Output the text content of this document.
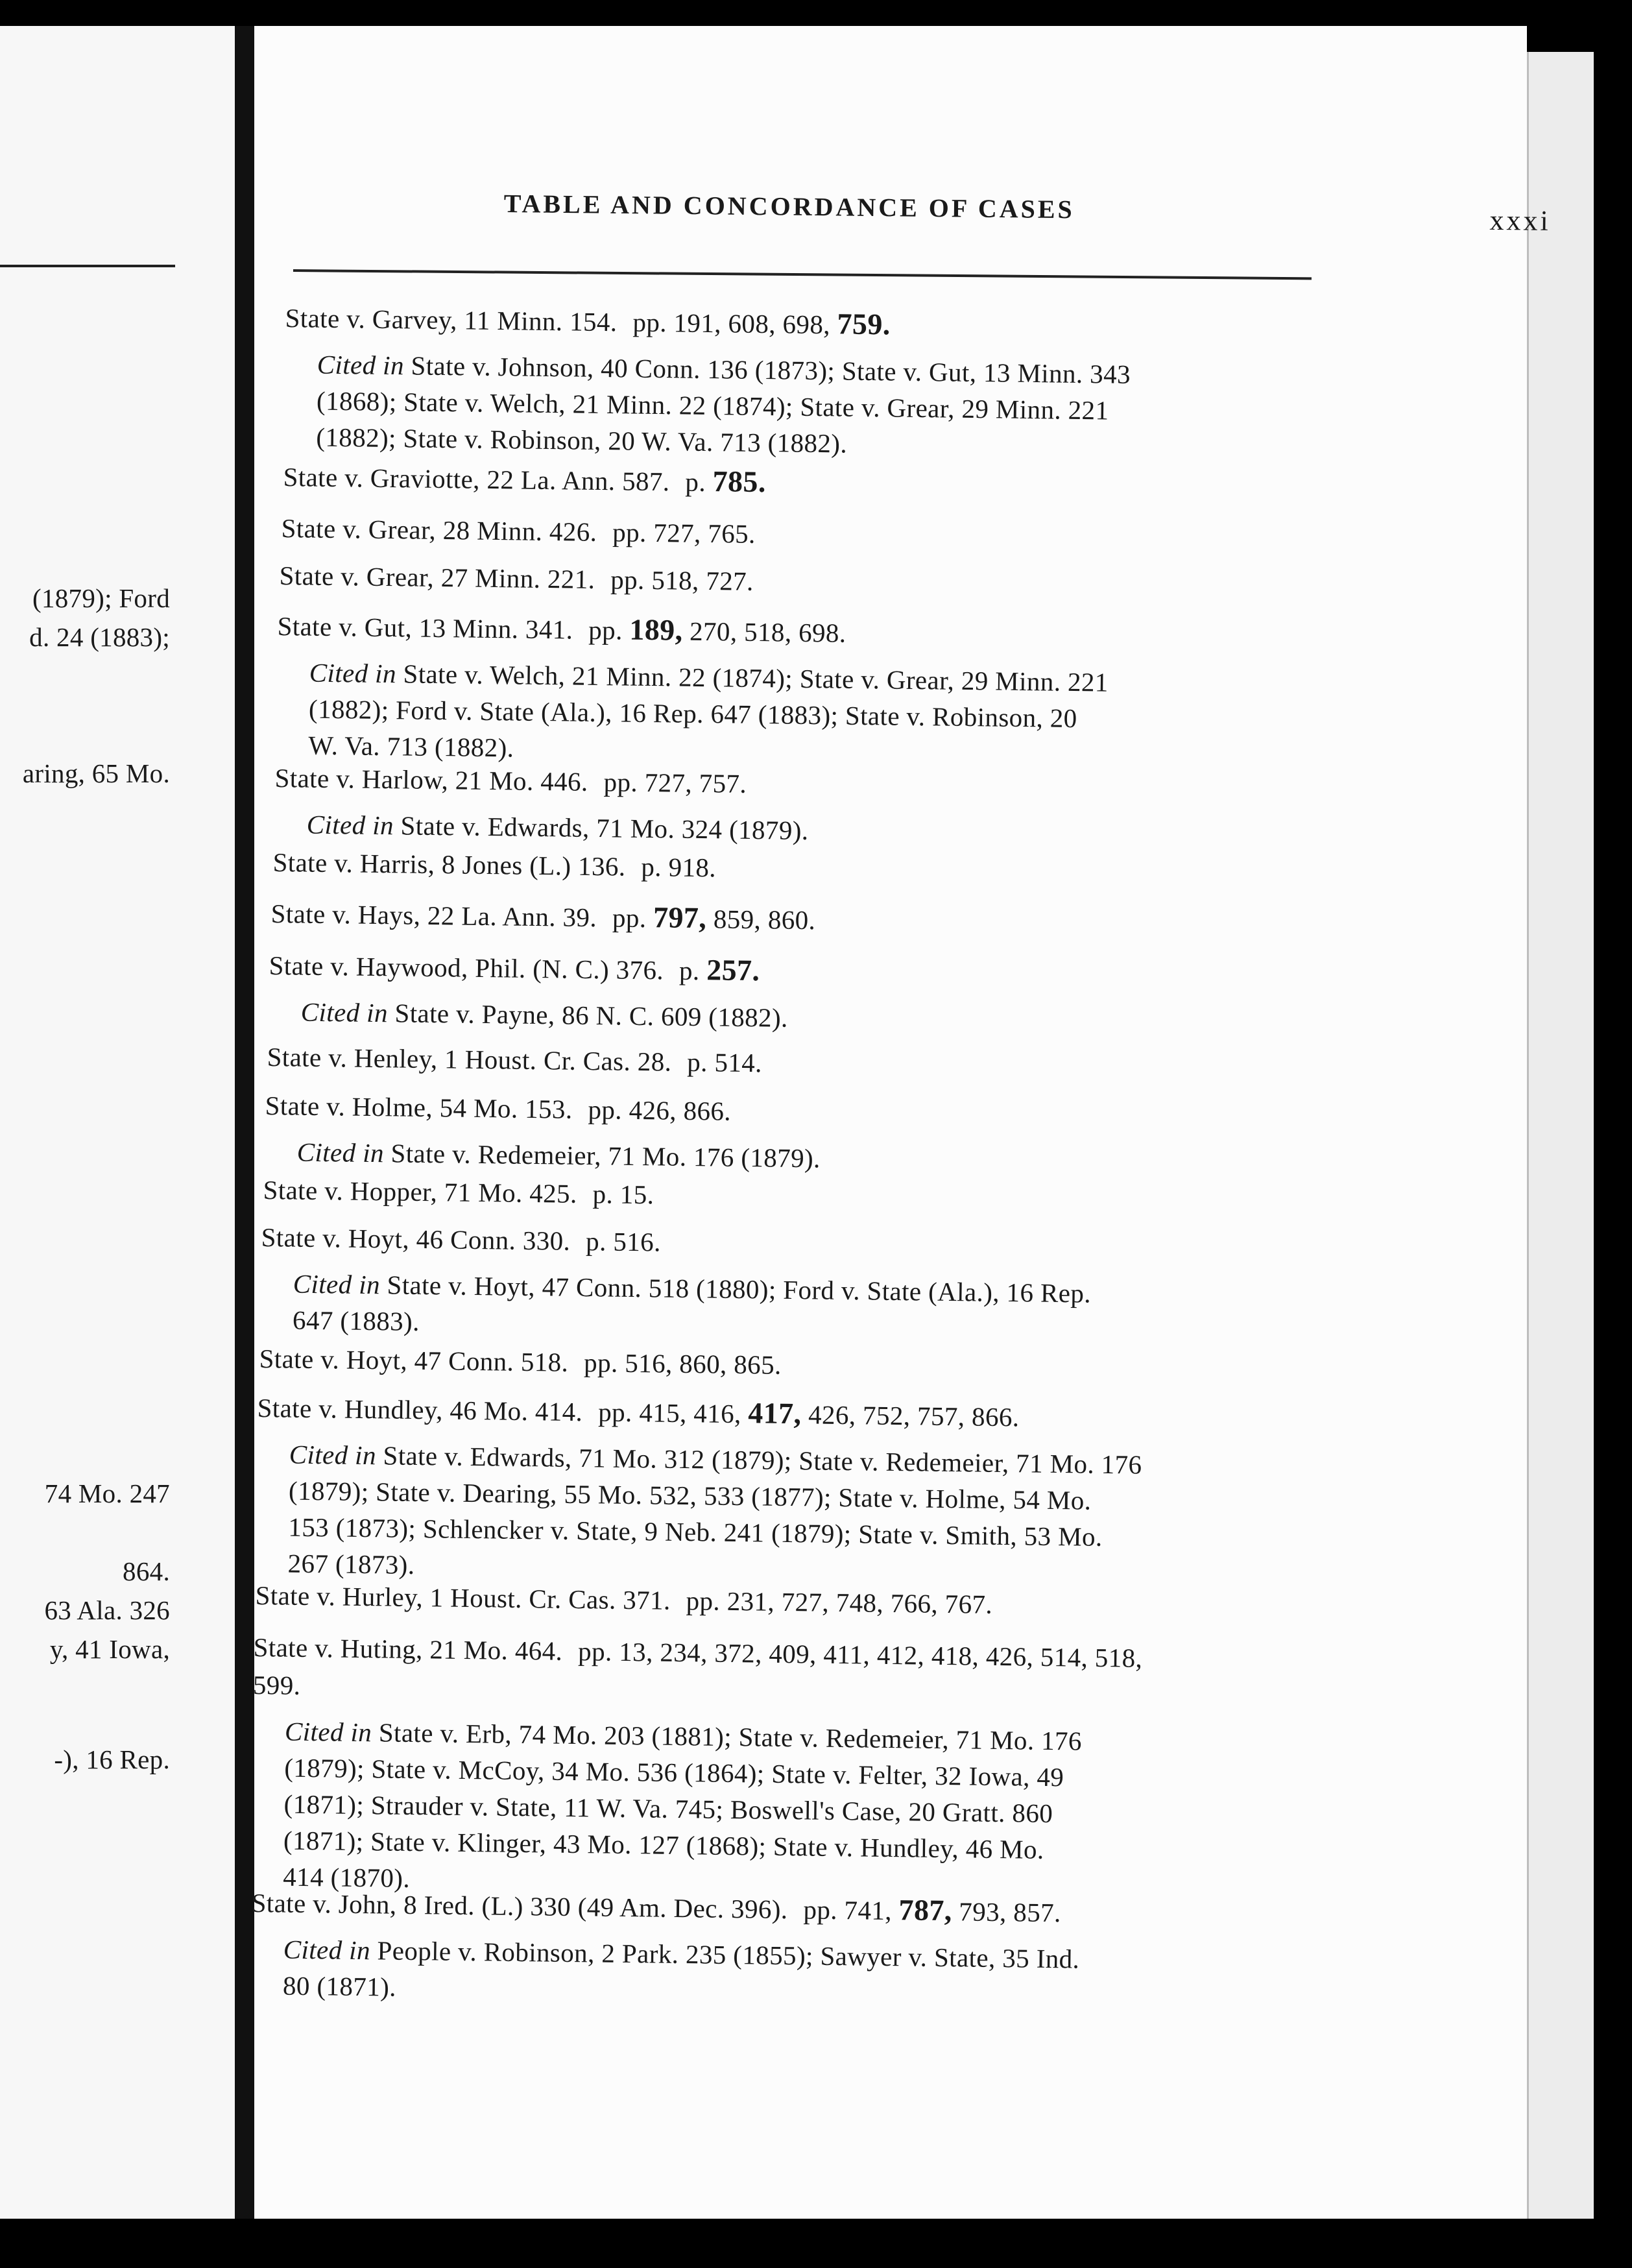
(1879); Ford
d. 24 (1883);
aring, 65 Mo.
74 Mo. 247
864.
63 Ala. 326
y, 41 Iowa,
-), 16 Rep.
TABLE AND CONCORDANCE OF CASES	xxxi
State v. Garvey, 11 Minn. 154. pp. 191, 608, 698, 759.
Cited in State v. Johnson, 40 Conn. 136 (1873); State v. Gut, 13 Minn. 343
(1868); State v. Welch, 21 Minn. 22 (1874); State v. Grear, 29 Minn. 221
(1882); State v. Robinson, 20 W. Va. 713 (1882).
State v. Graviotte, 22 La. Ann. 587. p. 785.
State v. Grear, 28 Minn. 426. pp. 727, 765.
State v. Grear, 27 Minn. 221. pp. 518, 727.
State v. Gut, 13 Minn. 341. pp. 189, 270, 518, 698.
Cited in State v. Welch, 21 Minn. 22 (1874); State v. Grear, 29 Minn. 221
(1882); Ford v. State (Ala.), 16 Rep. 647 (1883); State v. Robinson, 20
W. Va. 713 (1882).
State v. Harlow, 21 Mo. 446. pp. 727, 757.
Cited in State v. Edwards, 71 Mo. 324 (1879).
State v. Harris, 8 Jones (L.) 136. p. 918.
State v. Hays, 22 La. Ann. 39. pp. 797, 859, 860.
State v. Haywood, Phil. (N. C.) 376. p. 257.
Cited in State v. Payne, 86 N. C. 609 (1882).
State v. Henley, 1 Houst. Cr. Cas. 28. p. 514.
State v. Holme, 54 Mo. 153. pp. 426, 866.
Cited in State v. Redemeier, 71 Mo. 176 (1879).
State v. Hopper, 71 Mo. 425. p. 15.
State v. Hoyt, 46 Conn. 330. p. 516.
Cited in State v. Hoyt, 47 Conn. 518 (1880); Ford v. State (Ala.), 16 Rep.
647 (1883).
State v. Hoyt, 47 Conn. 518. pp. 516, 860, 865.
State v. Hundley, 46 Mo. 414. pp. 415, 416, 417, 426, 752, 757, 866.
Cited in State v. Edwards, 71 Mo. 312 (1879); State v. Redemeier, 71 Mo. 176
(1879); State v. Dearing, 55 Mo. 532, 533 (1877); State v. Holme, 54 Mo.
153 (1873); Schlencker v. State, 9 Neb. 241 (1879); State v. Smith, 53 Mo.
267 (1873).
State v. Hurley, 1 Houst. Cr. Cas. 371. pp. 231, 727, 748, 766, 767.
State v. Huting, 21 Mo. 464. pp. 13, 234, 372, 409, 411, 412, 418, 426, 514, 518,
599.
Cited in State v. Erb, 74 Mo. 203 (1881); State v. Redemeier, 71 Mo. 176
(1879); State v. McCoy, 34 Mo. 536 (1864); State v. Felter, 32 Iowa, 49
(1871); Strauder v. State, 11 W. Va. 745; Boswell's Case, 20 Gratt. 860
(1871); State v. Klinger, 43 Mo. 127 (1868); State v. Hundley, 46 Mo.
414 (1870).
State v. John, 8 Ired. (L.) 330 (49 Am. Dec. 396). pp. 741, 787, 793, 857.
Cited in People v. Robinson, 2 Park. 235 (1855); Sawyer v. State, 35 Ind.
80 (1871).
